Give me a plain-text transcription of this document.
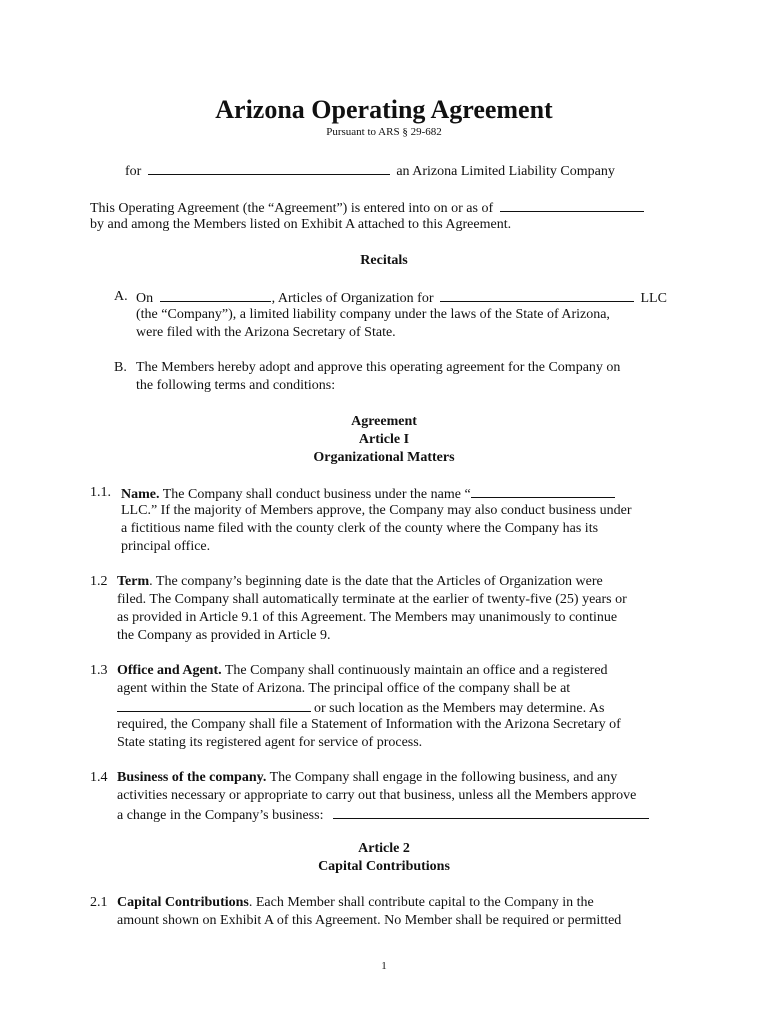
Arizona Operating Agreement
Pursuant to ARS § 29-682
for	an Arizona Limited Liability Company
This Operating Agreement (the “Agreement”) is entered into on or as of
by and among the Members listed on Exhibit A attached to this Agreement.
Recitals
A. On	, Articles of Organization for	LLC
(the “Company”), a limited liability company under the laws of the State of Arizona,
were filed with the Arizona Secretary of State.
B. The Members hereby adopt and approve this operating agreement for the Company on
the following terms and conditions:
Agreement
Article I
Organizational Matters
1.1. Name. The Company shall conduct business under the name “
LLC.” If the majority of Members approve, the Company may also conduct business under
a fictitious name filed with the county clerk of the county where the Company has its
principal office.
1.2 Term. The company’s beginning date is the date that the Articles of Organization were
filed. The Company shall automatically terminate at the earlier of twenty-five (25) years or
as provided in Article 9.1 of this Agreement. The Members may unanimously to continue
the Company as provided in Article 9.
1.3 Office and Agent. The Company shall continuously maintain an office and a registered
agent within the State of Arizona. The principal office of the company shall be at
or such location as the Members may determine. As
required, the Company shall file a Statement of Information with the Arizona Secretary of
State stating its registered agent for service of process.
1.4 Business of the company. The Company shall engage in the following business, and any
activities necessary or appropriate to carry out that business, unless all the Members approve
a change in the Company’s business:
Article 2
Capital Contributions
2.1 Capital Contributions. Each Member shall contribute capital to the Company in the
amount shown on Exhibit A of this Agreement. No Member shall be required or permitted
1
